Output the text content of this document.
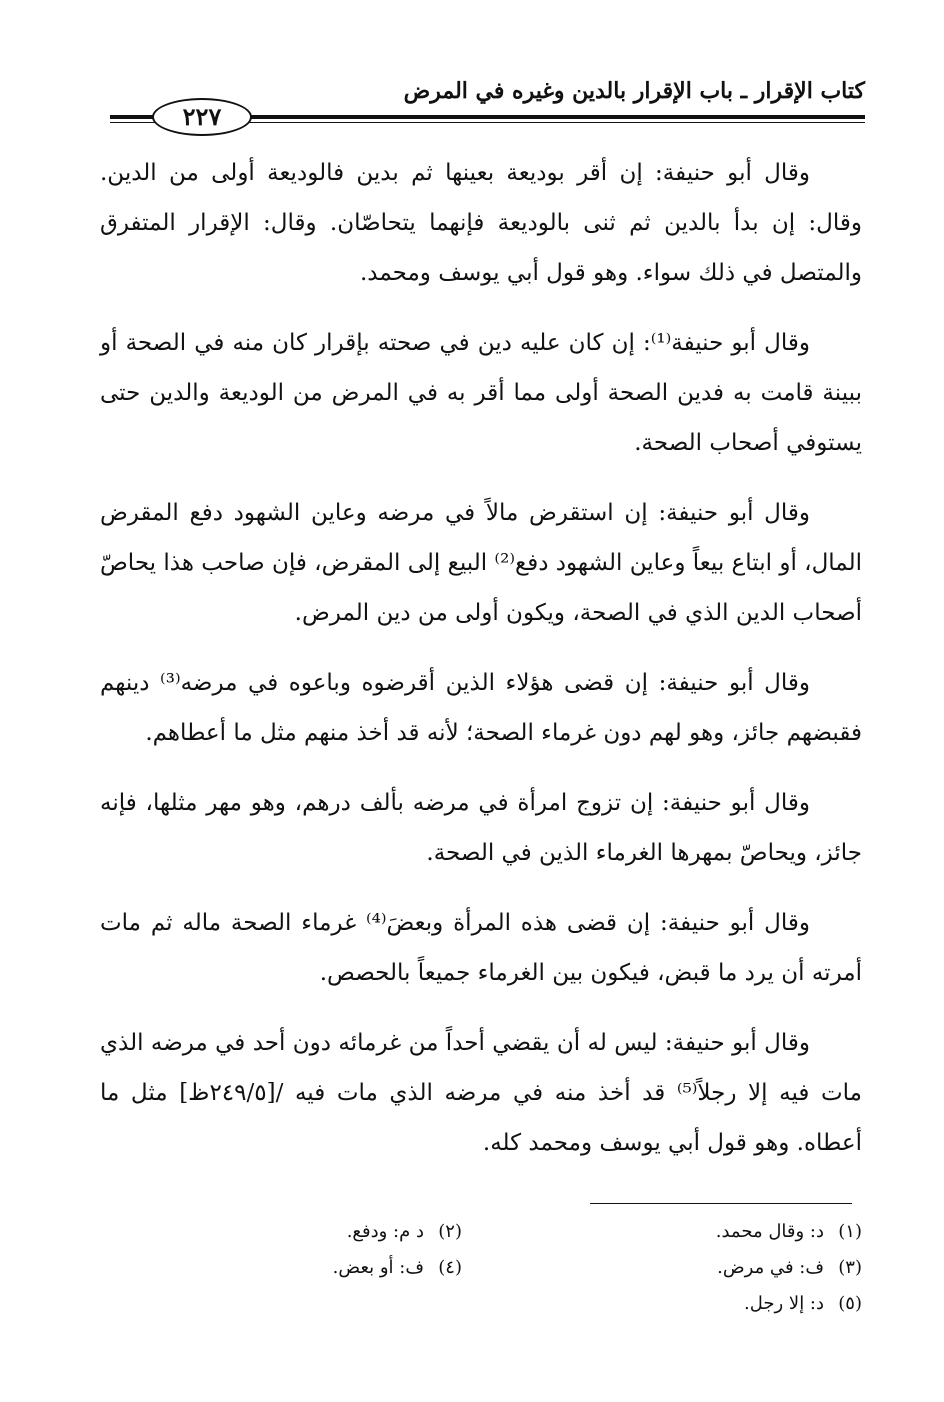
كتاب الإقرار ـ باب الإقرار بالدين وغيره في المرض
٢٢٧

وقال أبو حنيفة: إن أقر بوديعة بعينها ثم بدين فالوديعة أولى من الدين. وقال: إن بدأ بالدين ثم ثنى بالوديعة فإنهما يتحاصّان. وقال: الإقرار المتفرق والمتصل في ذلك سواء. وهو قول أبي يوسف ومحمد.

وقال أبو حنيفة⁽¹⁾: إن كان عليه دين في صحته بإقرار كان منه في الصحة أو ببينة قامت به فدين الصحة أولى مما أقر به في المرض من الوديعة والدين حتى يستوفي أصحاب الصحة.

وقال أبو حنيفة: إن استقرض مالاً في مرضه وعاين الشهود دفع المقرض المال، أو ابتاع بيعاً وعاين الشهود دفع⁽²⁾ البيع إلى المقرض، فإن صاحب هذا يحاصّ أصحاب الدين الذي في الصحة، ويكون أولى من دين المرض.

وقال أبو حنيفة: إن قضى هؤلاء الذين أقرضوه وباعوه في مرضه⁽³⁾ دينهم فقبضهم جائز، وهو لهم دون غرماء الصحة؛ لأنه قد أخذ منهم مثل ما أعطاهم.

وقال أبو حنيفة: إن تزوج امرأة في مرضه بألف درهم، وهو مهر مثلها، فإنه جائز، ويحاصّ بمهرها الغرماء الذين في الصحة.

وقال أبو حنيفة: إن قضى هذه المرأة وبعضَ⁽⁴⁾ غرماء الصحة ماله ثم مات أمرته أن يرد ما قبض، فيكون بين الغرماء جميعاً بالحصص.

وقال أبو حنيفة: ليس له أن يقضي أحداً من غرمائه دون أحد في مرضه الذي مات فيه إلا رجلاً⁽⁵⁾ قد أخذ منه في مرضه الذي مات فيه /[٢٤٩/٥ظ] مثل ما أعطاه. وهو قول أبي يوسف ومحمد كله.

(١)د: وقال محمد.
(٣)ف: في مرض.
(٥)د: إلا رجل.
(٢)د م: ودفع.
(٤)ف: أو بعض.
